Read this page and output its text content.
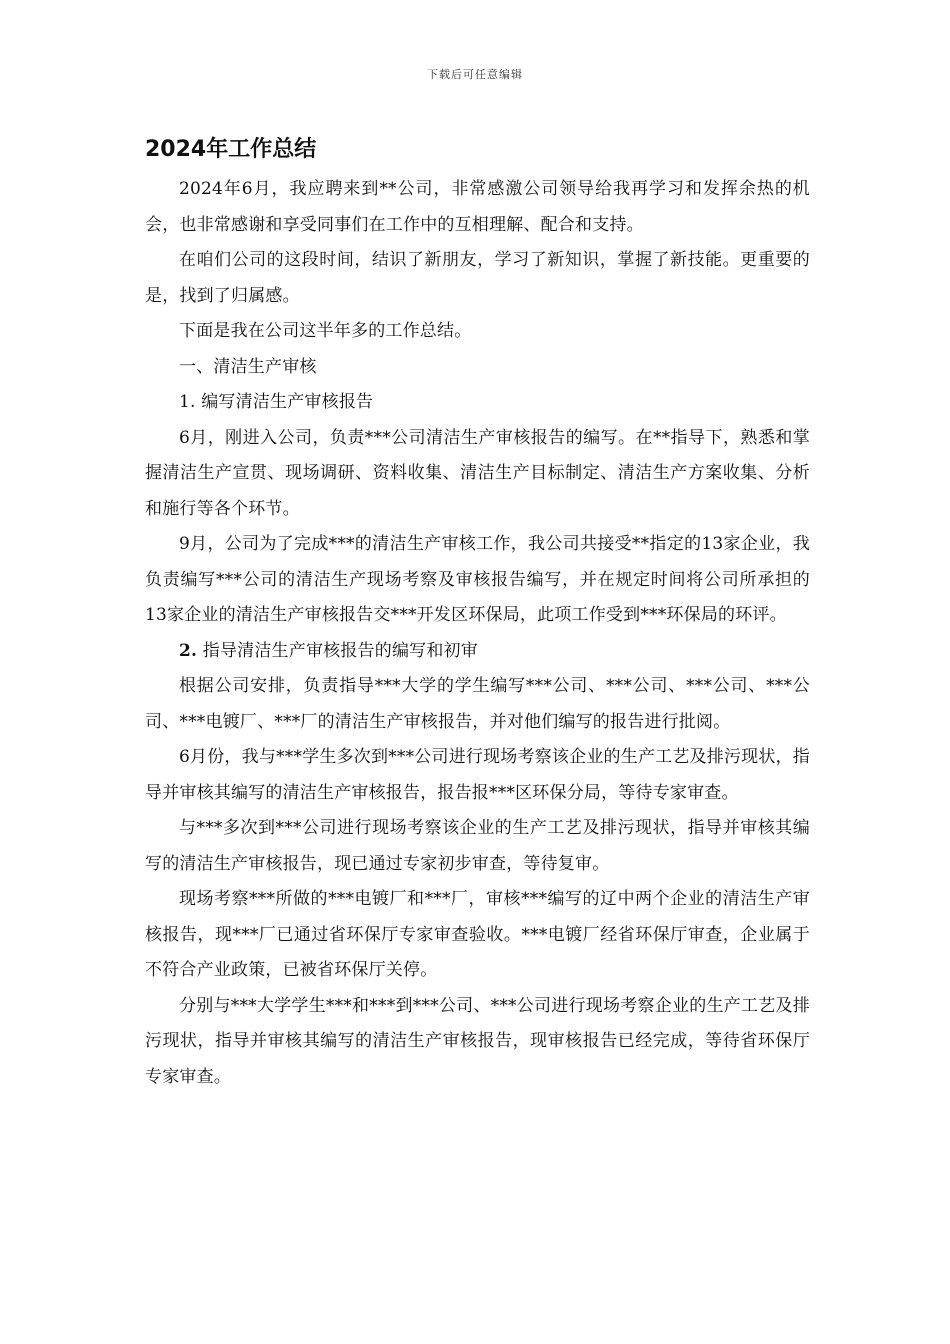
下载后可任意编辑
2024年工作总结

2024年6月，我应聘来到**公司，非常感激公司领导给我再学习和发挥余热的机会，也非常感谢和享受同事们在工作中的互相理解、配合和支持。

在咱们公司的这段时间，结识了新朋友，学习了新知识，掌握了新技能。更重要的是，找到了归属感。

下面是我在公司这半年多的工作总结。

一、清洁生产审核

1. 编写清洁生产审核报告

6月，刚进入公司，负责***公司清洁生产审核报告的编写。在**指导下，熟悉和掌握清洁生产宣贯、现场调研、资料收集、清洁生产目标制定、清洁生产方案收集、分析和施行等各个环节。

9月，公司为了完成***的清洁生产审核工作，我公司共接受**指定的13家企业，我负责编写***公司的清洁生产现场考察及审核报告编写，并在规定时间将公司所承担的13家企业的清洁生产审核报告交***开发区环保局，此项工作受到***环保局的环评。

2. 指导清洁生产审核报告的编写和初审

根据公司安排，负责指导***大学的学生编写***公司、***公司、***公司、***公司、***电镀厂、***厂的清洁生产审核报告，并对他们编写的报告进行批阅。

6月份，我与***学生多次到***公司进行现场考察该企业的生产工艺及排污现状，指导并审核其编写的清洁生产审核报告，报告报***区环保分局，等待专家审查。

与***多次到***公司进行现场考察该企业的生产工艺及排污现状，指导并审核其编写的清洁生产审核报告，现已通过专家初步审查，等待复审。

现场考察***所做的***电镀厂和***厂，审核***编写的辽中两个企业的清洁生产审核报告，现***厂已通过省环保厅专家审查验收。***电镀厂经省环保厅审查，企业属于不符合产业政策，已被省环保厅关停。

分别与***大学学生***和***到***公司、***公司进行现场考察企业的生产工艺及排污现状，指导并审核其编写的清洁生产审核报告，现审核报告已经完成，等待省环保厅专家审查。
